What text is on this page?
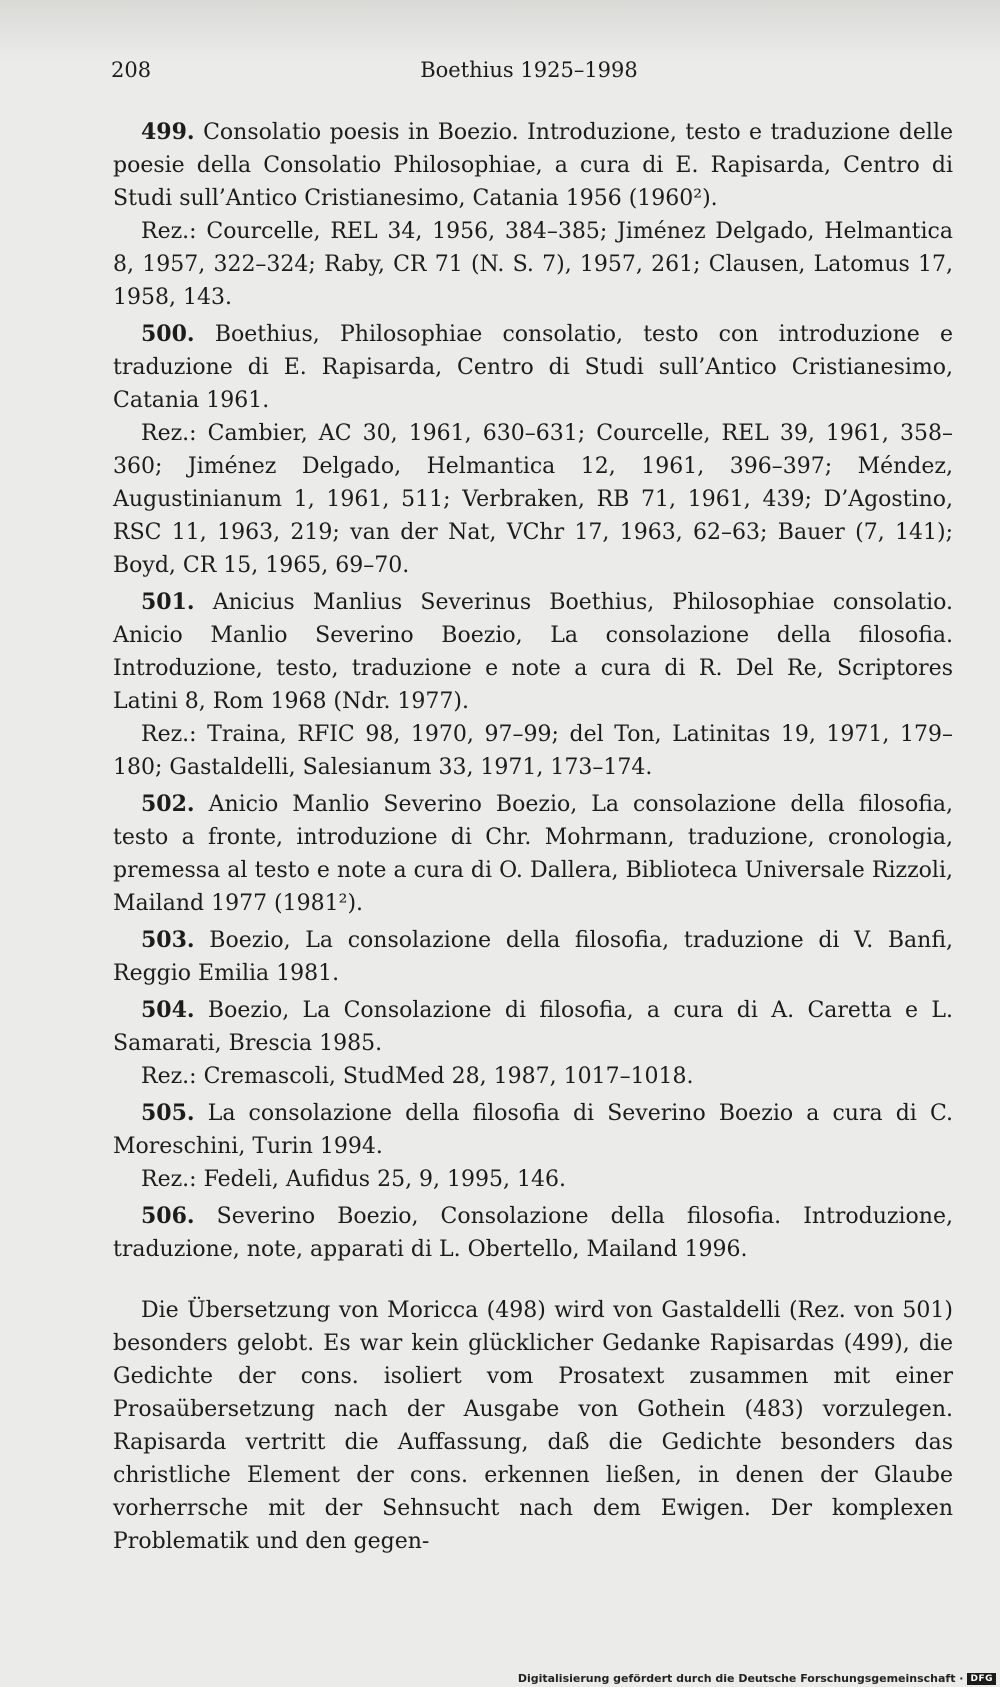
208	Boethius 1925–1998

499. Consolatio poesis in Boezio. Introduzione, testo e traduzione delle poesie della Consolatio Philosophiae, a cura di E. Rapisarda, Centro di Studi sull’Antico Cristianesimo, Catania 1956 (1960²).

Rez.: Courcelle, REL 34, 1956, 384–385; Jiménez Delgado, Helmantica 8, 1957, 322–324; Raby, CR 71 (N. S. 7), 1957, 261; Clausen, Latomus 17, 1958, 143.

500. Boethius, Philosophiae consolatio, testo con introduzione e traduzione di E. Rapisarda, Centro di Studi sull’Antico Cristianesimo, Catania 1961.

Rez.: Cambier, AC 30, 1961, 630–631; Courcelle, REL 39, 1961, 358–360; Jiménez Delgado, Helmantica 12, 1961, 396–397; Méndez, Augustinianum 1, 1961, 511; Verbraken, RB 71, 1961, 439; D’Agostino, RSC 11, 1963, 219; van der Nat, VChr 17, 1963, 62–63; Bauer (7, 141); Boyd, CR 15, 1965, 69–70.

501. Anicius Manlius Severinus Boethius, Philosophiae consolatio. Anicio Manlio Severino Boezio, La consolazione della filosofia. Introduzione, testo, traduzione e note a cura di R. Del Re, Scriptores Latini 8, Rom 1968 (Ndr. 1977).

Rez.: Traina, RFIC 98, 1970, 97–99; del Ton, Latinitas 19, 1971, 179–180; Gastaldelli, Salesianum 33, 1971, 173–174.

502. Anicio Manlio Severino Boezio, La consolazione della filosofia, testo a fronte, introduzione di Chr. Mohrmann, traduzione, cronologia, premessa al testo e note a cura di O. Dallera, Biblioteca Universale Rizzoli, Mailand 1977 (1981²).

503. Boezio, La consolazione della filosofia, traduzione di V. Banfi, Reggio Emilia 1981.

504. Boezio, La Consolazione di filosofia, a cura di A. Caretta e L. Samarati, Brescia 1985.

Rez.: Cremascoli, StudMed 28, 1987, 1017–1018.

505. La consolazione della filosofia di Severino Boezio a cura di C. Moreschini, Turin 1994.

Rez.: Fedeli, Aufidus 25, 9, 1995, 146.

506. Severino Boezio, Consolazione della filosofia. Introduzione, traduzione, note, apparati di L. Obertello, Mailand 1996.

Die Übersetzung von Moricca (498) wird von Gastaldelli (Rez. von 501) besonders gelobt. Es war kein glücklicher Gedanke Rapisardas (499), die Gedichte der cons. isoliert vom Prosatext zusammen mit einer Prosaübersetzung nach der Ausgabe von Gothein (483) vorzulegen. Rapisarda vertritt die Auffassung, daß die Gedichte besonders das christliche Element der cons. erkennen ließen, in denen der Glaube vorherrsche mit der Sehnsucht nach dem Ewigen. Der komplexen Problematik und den gegen-

Digitalisierung gefördert durch die Deutsche Forschungsgemeinschaft · DFG
